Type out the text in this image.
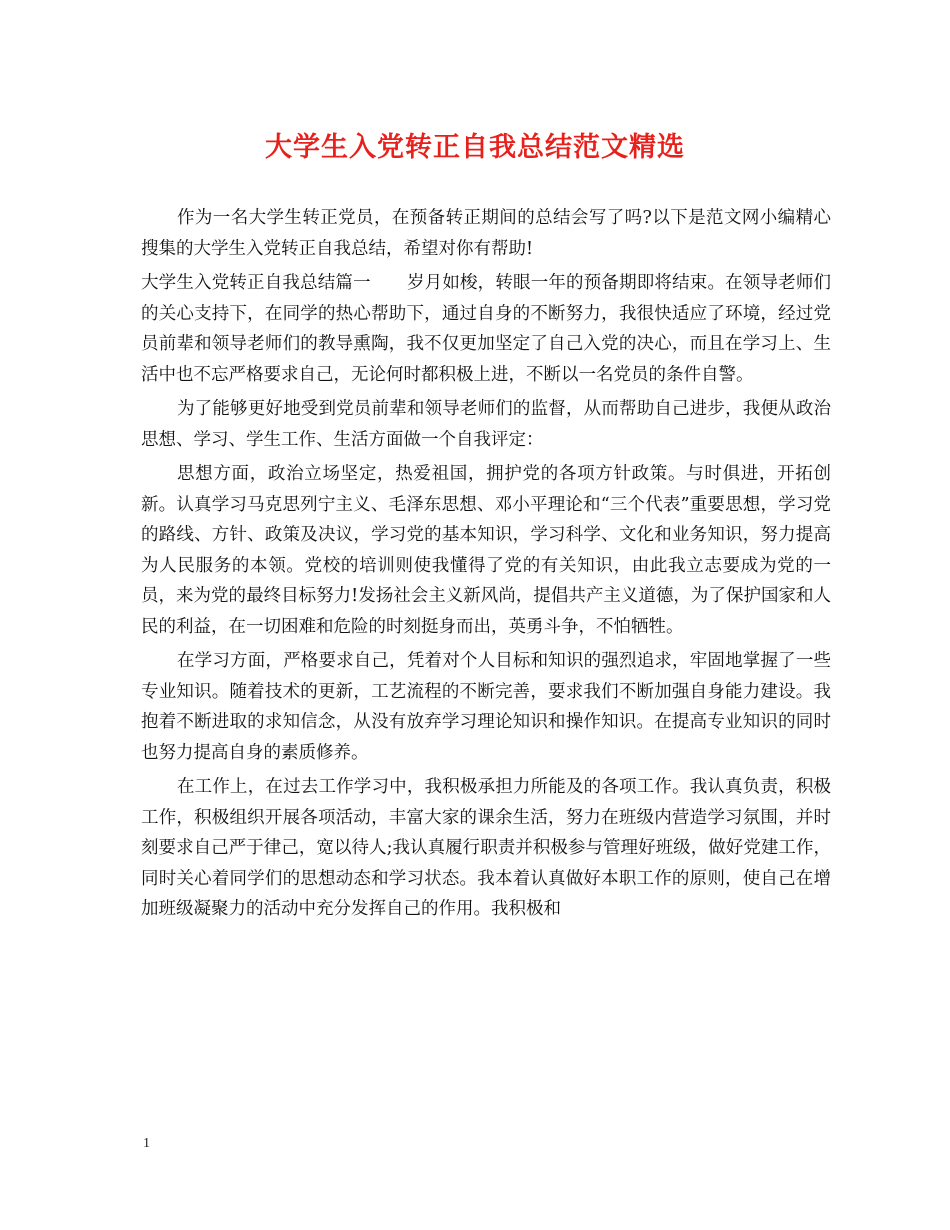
大学生入党转正自我总结范文精选

作为一名大学生转正党员，在预备转正期间的总结会写了吗?以下是范文网小编精心搜集的大学生入党转正自我总结，希望对你有帮助!

大学生入党转正自我总结篇一 岁月如梭，转眼一年的预备期即将结束。在领导老师们的关心支持下，在同学的热心帮助下，通过自身的不断努力，我很快适应了环境，经过党员前辈和领导老师们的教导熏陶，我不仅更加坚定了自己入党的决心，而且在学习上、生活中也不忘严格要求自己，无论何时都积极上进，不断以一名党员的条件自警。

为了能够更好地受到党员前辈和领导老师们的监督，从而帮助自己进步，我便从政治思想、学习、学生工作、生活方面做一个自我评定：

思想方面，政治立场坚定，热爱祖国，拥护党的各项方针政策。与时俱进，开拓创新。认真学习马克思列宁主义、毛泽东思想、邓小平理论和“三个代表”重要思想，学习党的路线、方针、政策及决议，学习党的基本知识，学习科学、文化和业务知识，努力提高为人民服务的本领。党校的培训则使我懂得了党的有关知识，由此我立志要成为党的一员，来为党的最终目标努力!发扬社会主义新风尚，提倡共产主义道德，为了保护国家和人民的利益，在一切困难和危险的时刻挺身而出，英勇斗争，不怕牺牲。

在学习方面，严格要求自己，凭着对个人目标和知识的强烈追求，牢固地掌握了一些专业知识。随着技术的更新，工艺流程的不断完善，要求我们不断加强自身能力建设。我抱着不断进取的求知信念，从没有放弃学习理论知识和操作知识。在提高专业知识的同时也努力提高自身的素质修养。

在工作上，在过去工作学习中，我积极承担力所能及的各项工作。我认真负责，积极工作，积极组织开展各项活动，丰富大家的课余生活，努力在班级内营造学习氛围，并时刻要求自己严于律己，宽以待人;我认真履行职责并积极参与管理好班级，做好党建工作，同时关心着同学们的思想动态和学习状态。我本着认真做好本职工作的原则，使自己在增加班级凝聚力的活动中充分发挥自己的作用。我积极和

1
